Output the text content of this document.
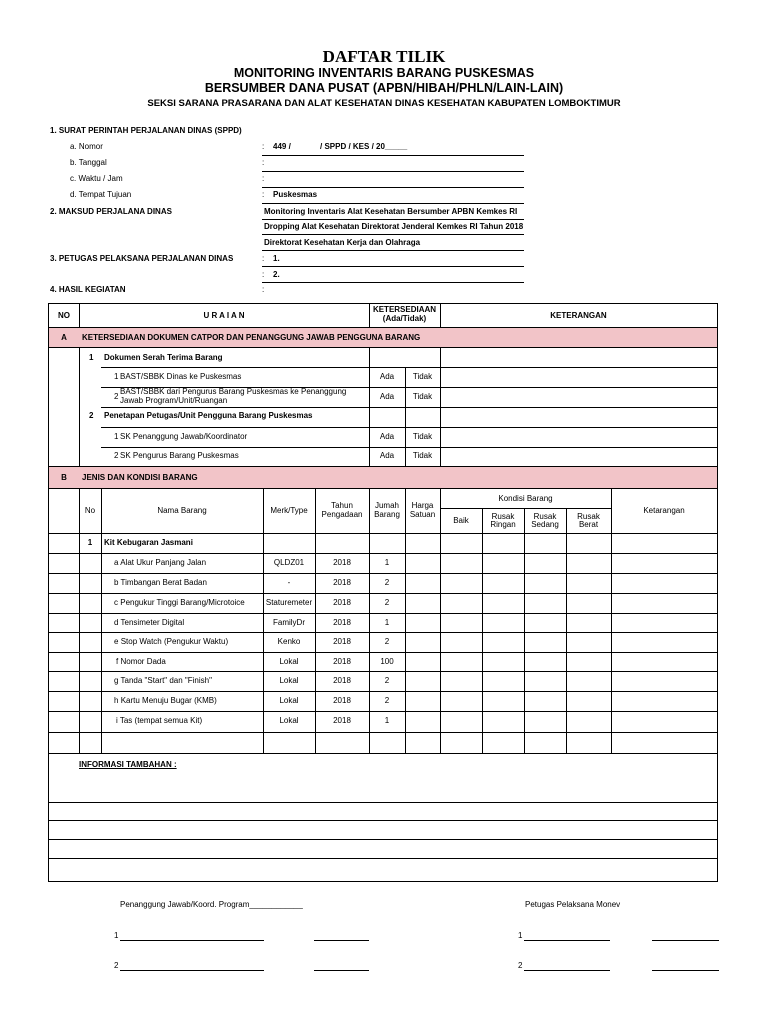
DAFTAR TILIK
MONITORING INVENTARIS BARANG PUSKESMAS
BERSUMBER DANA PUSAT (APBN/HIBAH/PHLN/LAIN-LAIN)
SEKSI SARANA PRASARANA DAN ALAT KESEHATAN DINAS KESEHATAN KABUPATEN LOMBOKTIMUR
1. SURAT PERINTAH PERJALANAN DINAS (SPPD)
a. Nomor	: 449 /	/ SPPD / KES / 20_____
b. Tanggal	:
c. Waktu / Jam	:
d. Tempat Tujuan	: Puskesmas
2. MAKSUD PERJALANA DINAS	Monitoring Inventaris Alat Kesehatan Bersumber APBN Kemkes RI
Dropping Alat Kesehatan Direktorat Jenderal Kemkes RI Tahun 2018
Direktorat Kesehatan Kerja dan Olahraga
3. PETUGAS PELAKSANA PERJALANAN DINAS	: 1.
: 2.
4. HASIL KEGIATAN	:
NO	U R A I A N
KETERSEDIAAN
(Ada/Tidak)	KETERANGAN
A	KETERSEDIAAN DOKUMEN CATPOR DAN PENANGGUNG JAWAB PENGGUNA BARANG
1 Dokumen Serah Terima Barang
1 BAST/SBBK Dinas ke Puskesmas	Ada	Tidak
2
BAST/SBBK dari Pengurus Barang Puskesmas ke Penanggung
Jawab Program/Unit/Ruangan	Ada	Tidak
2 Penetapan Petugas/Unit Pengguna Barang Puskesmas
1 SK Penanggung Jawab/Koordinator	Ada	Tidak
2 SK Pengurus Barang Puskesmas	Ada	Tidak
B	JENIS DAN KONDISI BARANG
No	Nama Barang	Merk/Type
Tahun
Pengadaan
Jumah
Barang
Harga
Satuan
Kondisi Barang
Baik	Rusak
Ringan
Rusak
Sedang
Rusak
Berat
Ketarangan
1	Kit Kebugaran Jasmani
a Alat Ukur Panjang Jalan	QLDZ01	2018	1
b Timbangan Berat Badan	-	2018	2
c Pengukur Tinggi Barang/Microtoice	Staturemeter	2018	2
d Tensimeter Digital	FamilyDr	2018	1
e Stop Watch (Pengukur Waktu)	Kenko	2018	2
f Nomor Dada	Lokal	2018	100
g Tanda "Start" dan "Finish"	Lokal	2018	2
h Kartu Menuju Bugar (KMB)	Lokal	2018	2
i Tas (tempat semua Kit)	Lokal	2018	1
INFORMASI TAMBAHAN :
Penanggung Jawab/Koord. Program____________	Petugas Pelaksana Monev
1	1
2	2
